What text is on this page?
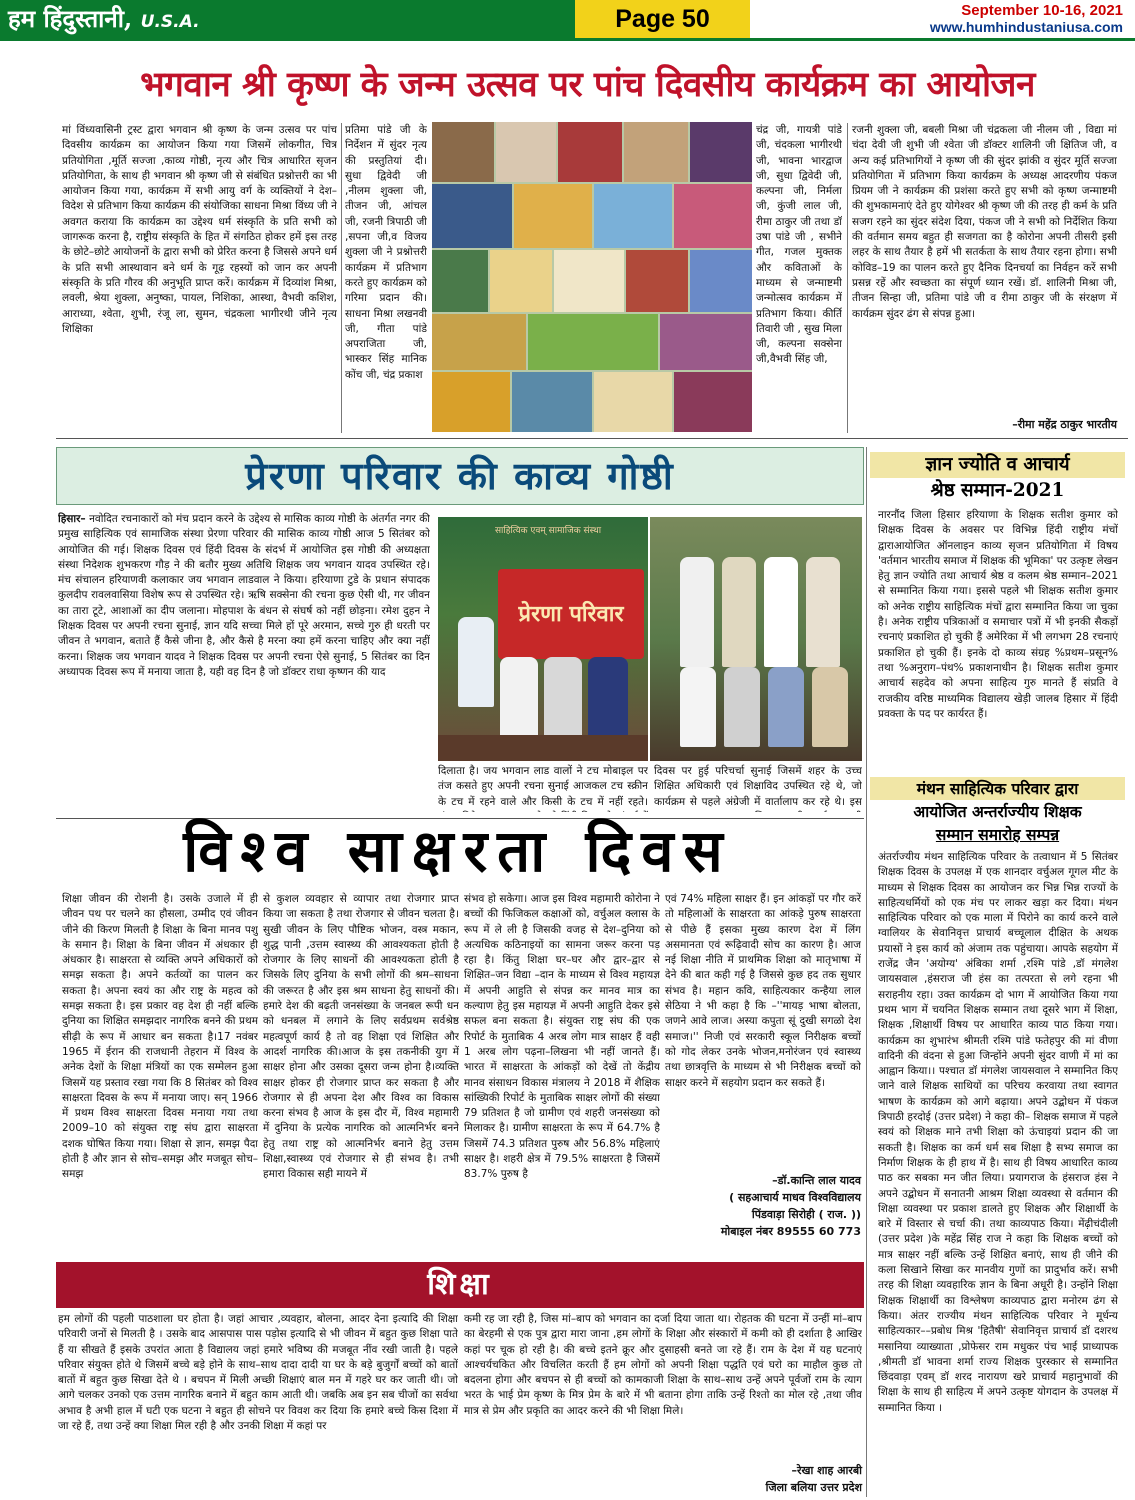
हम हिंदुस्तानी, U.S.A.	Page 50	September 10-16, 2021
www.humhindustaniusa.com
भगवान श्री कृष्ण के जन्म उत्सव पर पांच दिवसीय कार्यक्रम का आयोजन

मां विंध्यवासिनी ट्रस्ट द्वारा भगवान श्री कृष्ण के जन्म उत्सव पर पांच दिवसीय कार्यक्रम का आयोजन किया गया जिसमें लोकगीत, चित्र प्रतियोगिता ,मूर्ति सज्जा ,काव्य गोष्ठी, नृत्य और चित्र आधारित सृजन प्रतियोगिता, के साथ ही भगवान श्री कृष्ण जी से संबंधित प्रश्नोत्तरी का भी आयोजन किया गया, कार्यक्रम में सभी आयु वर्ग के व्यक्तियों ने देश–विदेश से प्रतिभाग किया कार्यक्रम की संयोजिका साधना मिश्रा विंध्य जी ने अवगत कराया कि कार्यक्रम का उद्देश्य धर्म संस्कृति के प्रति सभी को जागरूक करना है, राष्ट्रीय संस्कृति के हित में संगठित होकर हमें इस तरह के छोटे–छोटे आयोजनों के द्वारा सभी को प्रेरित करना है जिससे अपने धर्म के प्रति सभी आस्थावान बने धर्म के गूढ़ रहस्यों को जान कर अपनी संस्कृति के प्रति गौरव की अनुभूति प्राप्त करें। कार्यक्रम में दिव्यांश मिश्रा, लवली, श्रेया शुक्ला, अनुष्का, पायल, निशिका, आस्था, वैभवी कशिश, आराध्या, श्वेता, शुभी, रंजू ला, सुमन, चंद्रकला भागीरथी जीने नृत्य शिक्षिका

प्रतिमा पांडे जी के निर्देशन में सुंदर नृत्य की प्रस्तुतियां दी। सुधा द्विवेदी जी ,नीलम शुक्ला जी, तीजन जी, आंचल जी, रजनी त्रिपाठी जी ,सपना जी,व विजय शुक्ला जी ने प्रश्नोत्तरी कार्यक्रम में प्रतिभाग करते हुए कार्यक्रम को गरिमा प्रदान की। साधना मिश्रा लखनवी जी, गीता पांडे अपराजिता जी, भास्कर सिंह मानिक कोंच जी, चंद्र प्रकाश

चंद्र जी, गायत्री पांडे जी, चंदकला भागीरथी जी, भावना भारद्वाज जी, सुधा द्विवेदी जी, कल्पना जी, निर्मला जी, कुंजी लाल जी, रीमा ठाकुर जी तथा डॉ उषा पांडे जी , सभीने गीत, गजल मुक्तक और कविताओं के माध्यम से जन्माष्टमी जन्मोत्सव कार्यक्रम में प्रतिभाग किया। कीर्ति तिवारी जी , सुख मिला जी, कल्पना सक्सेना जी,वैभवी सिंह जी,

रजनी शुक्ला जी, बबली मिश्रा जी चंद्रकला जी नीलम जी , विद्या मां चंदा देवी जी शुभी जी श्वेता जी डॉक्टर शालिनी जी क्षितिज जी, व अन्य कई प्रतिभागियों ने कृष्ण जी की सुंदर झांकी व सुंदर मूर्ति सज्जा प्रतियोगिता में प्रतिभाग किया कार्यक्रम के अध्यक्ष आदरणीय पंकज प्रियम जी ने कार्यक्रम की प्रशंसा करते हुए सभी को कृष्ण जन्माष्टमी की शुभकामनाएं देते हुए योगेश्वर श्री कृष्ण जी की तरह ही कर्म के प्रति सजग रहने का सुंदर संदेश दिया, पंकज जी ने सभी को निर्देशित किया की वर्तमान समय बहुत ही सजगता का है कोरोना अपनी तीसरी इसी लहर के साथ तैयार है हमें भी सतर्कता के साथ तैयार रहना होगा। सभी कोविड–19 का पालन करते हुए दैनिक दिनचर्या का निर्वहन करें सभी प्रसन्न रहें और स्वच्छता का संपूर्ण ध्यान रखें। डॉ. शालिनी मिश्रा जी, तीजन सिन्हा जी, प्रतिमा पांडे जी व रीमा ठाकुर जी के संरक्षण में कार्यक्रम सुंदर ढंग से संपन्न हुआ।

–रीमा महेंद्र ठाकुर भारतीय
प्रेरणा परिवार की काव्य गोष्ठी

हिसार– नवोदित रचनाकारों को मंच प्रदान करने के उद्देश्य से मासिक काव्य गोष्ठी के अंतर्गत नगर की प्रमुख साहित्यिक एवं सामाजिक संस्था प्रेरणा परिवार की मासिक काव्य गोष्ठी आज 5 सितंबर को आयोजित की गई। शिक्षक दिवस एवं हिंदी दिवस के संदर्भ में आयोजित इस गोष्ठी की अध्यक्षता संस्था निदेशक शुभकरण गौड़ ने की बतौर मुख्य अतिथि शिक्षक जय भगवान यादव उपस्थित रहे। मंच संचालन हरियाणवी कलाकार जय भगवान लाडवाल ने किया। हरियाणा टुडे के प्रधान संपादक कुलदीप रावलवासिया विशेष रूप से उपस्थित रहे। ऋषि सक्सेना की रचना कुछ ऐसी थी, गर जीवन का तारा टूटे, आशाओं का दीप जलाना। मोहपाश के बंधन से संघर्ष को नहीं छोड़ना। रमेश दुहन ने शिक्षक दिवस पर अपनी रचना सुनाई, ज्ञान यदि सच्चा मिले हों पूरे अरमान, सच्चे गुरु ही धरती पर जीवन ते भगवान, बताते हैं कैसे जीना है, और कैसे है मरना क्या हमें करना चाहिए और क्या नहीं करना। शिक्षक जय भगवान यादव ने शिक्षक दिवस पर अपनी रचना ऐसे सुनाई, 5 सितंबर का दिन अध्यापक दिवस रूप में मनाया जाता है, यही वह दिन है जो डॉक्टर राधा कृष्णन की याद

प्रेरणा परिवार
साहित्यिक एवम् सामाजिक संस्था

दिलाता है। जय भगवान लाड वालों ने टच मोबाइल पर तंज कसते हुए अपनी रचना सुनाई आजकल टच स्क्रीन के टच में रहने वाले और किसी के टच में नहीं रहते।

दिवस पर हुई परिचर्चा सुनाई जिसमें शहर के उच्च शिक्षित अधिकारी एवं शिक्षाविद उपस्थित रहे थे, जो कार्यक्रम से पहले अंग्रेजी में वार्तालाप कर रहे थे। इस

ज्ञान ज्योति व आचार्य
श्रेष्ठ सम्मान-2021

नारनौंद जिला हिसार हरियाणा के शिक्षक सतीश कुमार को शिक्षक दिवस के अवसर पर विभिन्न हिंदी राष्ट्रीय मंचों द्वाराआयोजित ऑनलाइन काव्य सृजन प्रतियोगिता में विषय 'वर्तमान भारतीय समाज में शिक्षक की भूमिका' पर उत्कृष्ट लेखन हेतु ज्ञान ज्योति तथा आचार्य श्रेष्ठ व कलम श्रेष्ठ सम्मान–2021 से सम्मानित किया गया। इससे पहले भी शिक्षक सतीश कुमार को अनेक राष्ट्रीय साहित्यिक मंचों द्वारा सम्मानित किया जा चुका है। अनेक राष्ट्रीय पत्रिकाओं व समाचार पत्रों में भी इनकी सैकड़ों रचनाएं प्रकाशित हो चुकी हैं अमेरिका में भी लगभग 28 रचनाएं प्रकाशित हो चुकी हैं। इनके दो काव्य संग्रह %प्रथम–प्रसून% तथा %अनुराग–पंथ% प्रकाशनाधीन है। शिक्षक सतीश कुमार आचार्य सहदेव को अपना साहित्य गुरु मानते हैं संप्रति वे राजकीय वरिष्ठ माध्यमिक विद्यालय खेड़ी जालब हिसार में हिंदी प्रवक्ता के पद पर कार्यरत हैं।

मंथन साहित्यिक परिवार द्वारा
आयोजित अन्तर्राज्यीय शिक्षक
सम्मान समारोह सम्पन्न

अंतर्राज्यीय मंथन साहित्यिक परिवार के तत्वाधान में 5 सितंबर शिक्षक दिवस के उपलक्ष में एक शानदार वर्चुअल गूगल मीट के माध्यम से शिक्षक दिवस का आयोजन कर भिन्न भिन्न राज्यों के साहित्यधर्मियों को एक मंच पर लाकर खड़ा कर दिया। मंथन साहित्यिक परिवार को एक माला में पिरोने का कार्य करने वाले ग्वालियर के सेवानिवृत्त प्राचार्य बच्चूलाल दीक्षित के अथक प्रयासों ने इस कार्य को अंजाम तक पहुंचाया। आपके सहयोग में राजेंद्र जैन 'अयोग्य' अंबिका शर्मा ,रश्मि पांडे ,डॉ मंगलेश जायसवाल ,हंसराज जी हंस का तत्परता से लगे रहना भी सराहनीय रहा। उक्त कार्यक्रम दो भाग में आयोजित किया गया प्रथम भाग में चयनित शिक्षक सम्मान तथा दूसरे भाग में शिक्षा, शिक्षक ,शिक्षार्थी विषय पर आधारित काव्य पाठ किया गया। कार्यक्रम का शुभारंभ श्रीमती रश्मि पांडे फतेहपुर की मां वीणा वादिनी की वंदना से हुआ जिन्होंने अपनी सुंदर वाणी में मां का आह्वान किया।। पश्चात डॉ मंगलेश जायसवाल ने सम्मानित किए जाने वाले शिक्षक साथियों का परिचय करवाया तथा स्वागत भाषण के कार्यक्रम को आगे बढ़ाया। अपने उद्बोधन में पंकज त्रिपाठी हरदोई (उत्तर प्रदेश) ने कहा की– शिक्षक समाज में पहले स्वयं को शिक्षक माने तभी शिक्षा को ऊंचाइयां प्रदान की जा सकती है। शिक्षक का कर्म धर्म सब शिक्षा है सभ्य समाज का निर्माण शिक्षक के ही हाथ में है। साथ ही विषय आधारित काव्य पाठ कर सबका मन जीत लिया। प्रयागराज के हंसराज हंस ने अपने उद्बोधन में सनातनी आश्रम शिक्षा व्यवस्था से वर्तमान की शिक्षा व्यवस्था पर प्रकाश डालते हुए शिक्षक और शिक्षार्थी के बारे में विस्तार से चर्चा की। तथा काव्यपाठ किया। मेंढ़ीचंदीली (उत्तर प्रदेश )के महेंद्र सिंह राज ने कहा कि शिक्षक बच्चों को मात्र साक्षर नहीं बल्कि उन्हें शिक्षित बनाएं, साथ ही जीने की कला सिखाने सिखा कर मानवीय गुणों का प्रादुर्भाव करें। सभी तरह की शिक्षा व्यवहारिक ज्ञान के बिना अधूरी है। उन्होंने शिक्षा शिक्षक शिक्षार्थी का विश्लेषण काव्यपाठ द्वारा मनोरम ढंग से किया। अंतर राज्यीय मंथन साहित्यिक परिवार ने मूर्धन्य साहित्यकार––प्रबोध मिश्र 'हितैषी' सेवानिवृत्त प्राचार्य डॉ दशरथ मसानिया व्याख्याता ,प्रोफेसर राम मधुकर पंच भाई प्राध्यापक ,श्रीमती डॉ भावना शर्मा राज्य शिक्षक पुरस्कार से सम्मानित छिंदवाड़ा एवम् डॉ शरद नारायण खरे प्राचार्य महानुभावों की शिक्षा के साथ ही साहित्य में अपने उत्कृष्ट योगदान के उपलक्ष में सम्मानित किया ।

विश्व साक्षरता दिवस

शिक्षा जीवन की रोशनी है। उसके उजाले में ही जीवन पथ पर चलने का हौसला, उम्मीद एवं जीवन जीने की किरण मिलती है शिक्षा के बिना मानव पशु के समान है। शिक्षा के बिना जीवन में अंधकार ही अंधकार है। साक्षरता से व्यक्ति अपने अधिकारों को समझ सकता है। अपने कर्तव्यों का पालन कर सकता है। अपना स्वयं का और राष्ट्र के महत्व को समझ सकता है। इस प्रकार वह देश ही नहीं बल्कि दुनिया का शिक्षित समझदार नागरिक बनने की प्रथम सीढ़ी के रूप में आधार बन सकता है।17 नवंबर 1965 में ईरान की राजधानी तेहरान में विश्व के अनेक देशों के शिक्षा मंत्रियों का एक सम्मेलन हुआ जिसमें यह प्रस्ताव रखा गया कि 8 सितंबर को विश्व साक्षरता दिवस के रूप में मनाया जाए। सन् 1966 में प्रथम विश्व साक्षरता दिवस मनाया गया तथा 2009–10 को संयुक्त राष्ट्र संघ द्वारा साक्षरता दशक घोषित किया गया। शिक्षा से ज्ञान, समझ पैदा होती है और ज्ञान से सोच–समझ और मजबूत सोच–समझ

से कुशल व्यवहार से व्यापार तथा रोजगार प्राप्त किया जा सकता है तथा रोजगार से जीवन चलता है। सुखी जीवन के लिए पौष्टिक भोजन, वस्त्र मकान, शुद्ध पानी ,उत्तम स्वास्थ्य की आवश्यकता होती है रोजगार के लिए साधनों की आवश्यकता होती है जिसके लिए दुनिया के सभी लोगों की श्रम–साधना की जरूरत है और इस श्रम साधना हेतु साधनों की। हमारे देश की बढ़ती जनसंख्या के जनबल रूपी धन को धनबल में लगाने के लिए सर्वप्रथम सर्वश्रेष्ठ महत्वपूर्ण कार्य है तो वह शिक्षा एवं शिक्षित और आदर्श नागरिक की।आज के इस तकनीकी युग में साक्षर होना और उसका दूसरा जन्म होना है।व्यक्ति साक्षर होकर ही रोजगार प्राप्त कर सकता है और रोजगार से ही अपना देश और विश्व का विकास करना संभव है आज के इस दौर में, विश्व महामारी में दुनिया के प्रत्येक नागरिक को आत्मनिर्भर बनने हेतु तथा राष्ट्र को आत्मनिर्भर बनाने हेतु उत्तम शिक्षा,स्वास्थ्य एवं रोजगार से ही संभव है। तभी हमारा विकास सही मायने में

संभव हो सकेगा। आज इस विश्व महामारी कोरोना ने बच्चों की फिजिकल कक्षाओं को, वर्चुअल क्लास के रूप में ले ली है जिसकी वजह से देश–दुनिया को अत्यधिक कठिनाइयों का सामना जरूर करना पड़ रहा है। किंतु शिक्षा घर–घर और द्वार–द्वार से शिक्षित–जन विद्या –दान के माध्यम से विश्व महायज्ञ में अपनी आहुति से संपन्न कर मानव मात्र का कल्याण हेतु इस महायज्ञ में अपनी आहुति देकर इसे सफल बना सकता है। संयुक्त राष्ट्र संघ की एक रिपोर्ट के मुताबिक 4 अरब लोग मात्र साक्षर हैं वही 1 अरब लोग पढ़ना–लिखना भी नहीं जानते हैं। भारत में साक्षरता के आंकड़ों को देखें तो केंद्रीय मानव संसाधन विकास मंत्रालय ने 2018 में शैक्षिक सांख्यिकी रिपोर्ट के मुताबिक साक्षर लोगों की संख्या 79 प्रतिशत है जो ग्रामीण एवं शहरी जनसंख्या को मिलाकर है। ग्रामीण साक्षरता के रूप में 64.7% है जिसमें 74.3 प्रतिशत पुरुष और 56.8% महिलाएं साक्षर है। शहरी क्षेत्र में 79.5% साक्षरता है जिसमें 83.7% पुरुष है

एवं 74% महिला साक्षर हैं। इन आंकड़ों पर गौर करें तो महिलाओं के साक्षरता का आंकड़े पुरुष साक्षरता से पीछे हैं इसका मुख्य कारण देश में लिंग असमानता एवं रूढ़िवादी सोच का कारण है। आज नई शिक्षा नीति में प्राथमिक शिक्षा को मातृभाषा में देने की बात कही गई है जिससे कुछ हद तक सुधार संभव है। महान कवि, साहित्यकार कन्हैया लाल सेठिया ने भी कहा है कि –''मायड़ भाषा बोलता, जणने आवे लाज। अस्या कपुता सूं दुखी सगळो देश समाज।'' निजी एवं सरकारी स्कूल निरीक्षक बच्चों को गोद लेकर उनके भोजन,मनोरंजन एवं स्वास्थ्य तथा छात्रवृत्ति के माध्यम से भी निरीक्षक बच्चों को साक्षर करने में सहयोग प्रदान कर सकते हैं।

–डॉ.कान्ति लाल यादव
( सहआचार्य माधव विश्वविद्यालय
पिंडवाड़ा सिरोही ( राज. ))
मोबाइल नंबर 89555 60 773
शिक्षा

हम लोगों की पहली पाठशाला घर होता है। जहां आचार ,व्यवहार, बोलना, आदर देना इत्यादि की शिक्षा परिवारी जनों से मिलती है । उसके बाद आसपास पास पड़ोस इत्यादि से भी जीवन में बहुत कुछ शिक्षा पाते हैं या सीखते हैं इसके उपरांत आता है विद्यालय जहां हमारे भविष्य की मजबूत नींव रखी जाती है। पहले परिवार संयुक्त होते थे जिसमें बच्चे बड़े होने के साथ–साथ दादा दादी या घर के बड़े बुजुर्गों बच्चों को बातों बातों में बहुत कुछ सिखा देते थे । बचपन में मिली अच्छी शिक्षाएं बाल मन में गहरे घर कर जाती थी। जो आगे चलकर उनको एक उत्तम नागरिक बनाने में बहुत काम आती थी। जबकि अब इन सब चीजों का सर्वथा अभाव है अभी हाल में घटी एक घटना ने बहुत ही सोचने पर विवश कर दिया कि हमारे बच्चे किस दिशा में जा रहे हैं, तथा उन्हें क्या शिक्षा मिल रही है और उनकी शिक्षा में कहां पर

कमी रह जा रही है, जिस मां–बाप को भगवान का दर्जा दिया जाता था। रोहतक की घटना में उन्हीं मां–बाप का बेरहमी से एक पुत्र द्वारा मारा जाना ,हम लोगों के शिक्षा और संस्कारों में कमी को ही दर्शाता है आखिर कहां पर चूक हो रही है। की बच्चे इतने क्रूर और दुसाहसी बनते जा रहे हैं। राम के देश में यह घटनाएं आश्चर्यचकित और विचलित करती हैं हम लोगों को अपनी शिक्षा पद्धति एवं घरो का माहौल कुछ तो बदलना होगा और बचपन से ही बच्चों को कामकाजी शिक्षा के साथ–साथ उन्हें अपने पूर्वजों राम के त्याग भरत के भाई प्रेम कृष्ण के मित्र प्रेम के बारे में भी बताना होगा ताकि उन्हें रिश्तो का मोल रहे ,तथा जीव मात्र से प्रेम और प्रकृति का आदर करने की भी शिक्षा मिले।

–रेखा शाह आरबी
जिला बलिया उत्तर प्रदेश
